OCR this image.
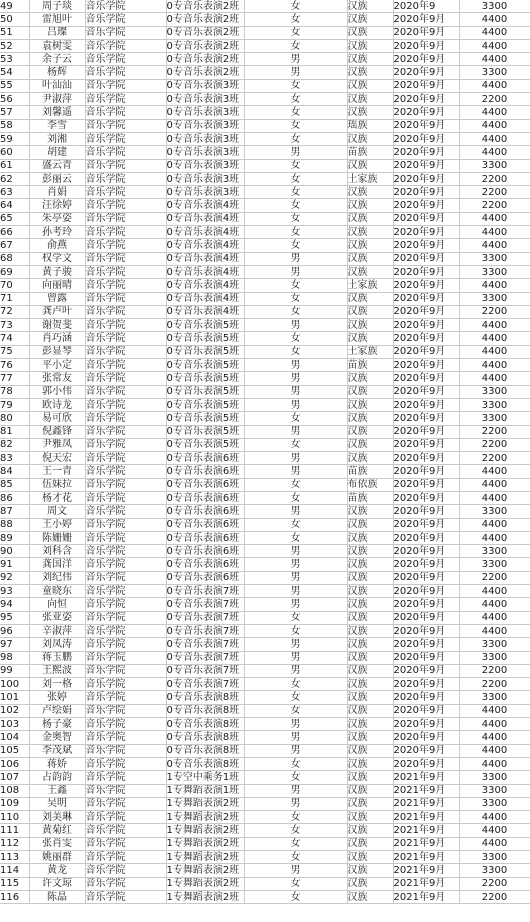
49	周子琰	音乐学院	0专音乐表演2班	女	汉族	2020年9	3300
50	雷旭叶	音乐学院	0专音乐表演2班	女	汉族	2020年9月	4400
51	吕璨	音乐学院	0专音乐表演2班	女	汉族	2020年9月	4400
52	袁树雯	音乐学院	0专音乐表演2班	女	汉族	2020年9月	4400
53	余子云	音乐学院	0专音乐表演2班	男	汉族	2020年9月	4400
54	杨辉	音乐学院	0专音乐表演2班	男	汉族	2020年9月	3300
55	叶汕汕	音乐学院	0专音乐表演3班	女	汉族	2020年9月	4400
56	尹淑萍	音乐学院	0专音乐表演3班	女	汉族	2020年9月	2200
57	刘馨遥	音乐学院	0专音乐表演3班	女	汉族	2020年9月	4400
58	李雪	音乐学院	0专音乐表演3班	女	瑶族	2020年9月	4400
59	刘湘	音乐学院	0专音乐表演3班	女	汉族	2020年9月	4400
60	胡建	音乐学院	0专音乐表演3班	男	苗族	2020年9月	4400
61	盛云青	音乐学院	0专音乐表演3班	女	汉族	2020年9月	3300
62	彭丽云	音乐学院	0专音乐表演3班	女	土家族	2020年9月	2200
63	肖娟	音乐学院	0专音乐表演3班	女	汉族	2020年9月	2200
64	汪徐婷	音乐学院	0专音乐表演4班	女	汉族	2020年9月	2200
65	朱亭姿	音乐学院	0专音乐表演4班	女	汉族	2020年9月	4400
66	孙考玲	音乐学院	0专音乐表演4班	女	汉族	2020年9月	4400
67	俞燕	音乐学院	0专音乐表演4班	女	汉族	2020年9月	4400
68	权学文	音乐学院	0专音乐表演4班	男	汉族	2020年9月	3300
69	黄子骏	音乐学院	0专音乐表演4班	男	汉族	2020年9月	3300
70	向丽晴	音乐学院	0专音乐表演4班	女	土家族	2020年9月	4400
71	曾露	音乐学院	0专音乐表演4班	女	汉族	2020年9月	3300
72	龚卢叶	音乐学院	0专音乐表演4班	女	汉族	2020年9月	2200
73	谢贺斐	音乐学院	0专音乐表演5班	男	汉族	2020年9月	4400
74	肖巧涵	音乐学院	0专音乐表演5班	女	汉族	2020年9月	4400
75	彭显琴	音乐学院	0专音乐表演5班	女	土家族	2020年9月	4400
76	平小定	音乐学院	0专音乐表演5班	男	苗族	2020年9月	4400
77	张常友	音乐学院	0专音乐表演5班	男	汉族	2020年9月	4400
78	郭小伟	音乐学院	0专音乐表演5班	男	汉族	2020年9月	3300
79	欧诗龙	音乐学院	0专音乐表演5班	男	汉族	2020年9月	3300
80	易可欣	音乐学院	0专音乐表演5班	女	汉族	2020年9月	3300
81	倪鑫锋	音乐学院	0专音乐表演5班	男	汉族	2020年9月	2200
82	尹雅凤	音乐学院	0专音乐表演5班	女	汉族	2020年9月	2200
83	倪天宏	音乐学院	0专音乐表演6班	男	汉族	2020年9月	2200
84	王一青	音乐学院	0专音乐表演6班	男	苗族	2020年9月	4400
85	伍妹拉	音乐学院	0专音乐表演6班	女	布依族	2020年9月	4400
86	杨才花	音乐学院	0专音乐表演6班	女	苗族	2020年9月	4400
87	周文	音乐学院	0专音乐表演6班	男	汉族	2020年9月	3300
88	王小婷	音乐学院	0专音乐表演6班	女	汉族	2020年9月	4400
89	陈姗姗	音乐学院	0专音乐表演6班	女	汉族	2020年9月	4400
90	刘科含	音乐学院	0专音乐表演6班	男	汉族	2020年9月	3300
91	龚国洋	音乐学院	0专音乐表演6班	男	汉族	2020年9月	3300
92	刘纪伟	音乐学院	0专音乐表演6班	男	汉族	2020年9月	2200
93	童晓东	音乐学院	0专音乐表演7班	男	汉族	2020年9月	4400
94	向恒	音乐学院	0专音乐表演7班	男	汉族	2020年9月	4400
95	张亚姿	音乐学院	0专音乐表演7班	女	汉族	2020年9月	4400
96	辛淑萍	音乐学院	0专音乐表演7班	女	汉族	2020年9月	4400
97	刘凤涛	音乐学院	0专音乐表演7班	男	汉族	2020年9月	3300
98	蒋玉鹏	音乐学院	0专音乐表演7班	男	汉族	2020年9月	3300
99	王熙波	音乐学院	0专音乐表演7班	男	汉族	2020年9月	2200
100	刘一格	音乐学院	0专音乐表演7班	女	汉族	2020年9月	2200
101	张婷	音乐学院	0专音乐表演8班	女	汉族	2020年9月	3300
102	卢绘娟	音乐学院	0专音乐表演8班	女	汉族	2020年9月	4400
103	杨子豪	音乐学院	0专音乐表演8班	男	汉族	2020年9月	4400
104	金奥智	音乐学院	0专音乐表演8班	男	汉族	2020年9月	4400
105	李茂斌	音乐学院	0专音乐表演8班	男	汉族	2020年9月	4400
106	蒋娇	音乐学院	0专音乐表演8班	女	汉族	2020年9月	4400
107	占韵韵	音乐学院	1专空中乘务1班	女	汉族	2021年9月	3300
108	王鑫	音乐学院	1专舞蹈表演1班	男	汉族	2021年9月	3300
109	吴明	音乐学院	1专舞蹈表演2班	男	汉族	2021年9月	3300
110	刘美琳	音乐学院	1专舞蹈表演2班	女	汉族	2021年9月	4400
111	黄菊红	音乐学院	1专舞蹈表演2班	女	汉族	2021年9月	4400
112	张肖雯	音乐学院	1专舞蹈表演2班	女	汉族	2021年9月	4400
113	姚丽群	音乐学院	1专舞蹈表演2班	女	汉族	2021年9月	3300
114	黄龙	音乐学院	1专舞蹈表演2班	男	汉族	2021年9月	3300
115	许文琼	音乐学院	1专舞蹈表演2班	女	汉族	2021年9月	2200
116	陈晶	音乐学院	1专舞蹈表演2班	女	汉族	2021年9月	2200
